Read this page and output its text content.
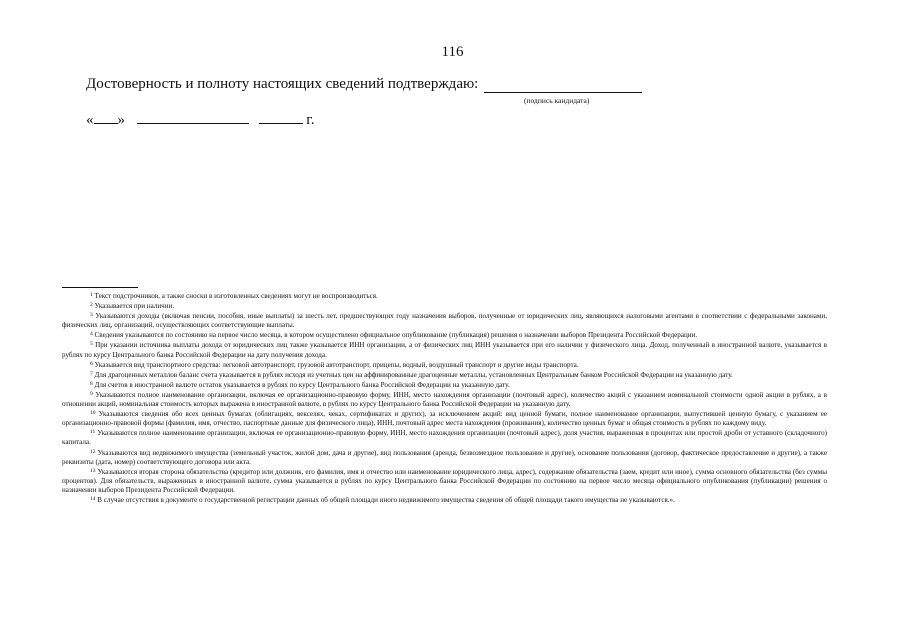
116
Достоверность и полноту настоящих сведений подтверждаю:
(подпись кандидата)
« »	г.

$^1$ Текст подстрочников, а также сноски в изготовленных сведениях могут не воспроизводиться.

$^2$ Указывается при наличии.

$^3$ Указываются доходы (включая пенсии, пособия, иные выплаты) за шесть лет, предшествующих году назначения выборов, полученные от юридических лиц, являющихся налоговыми агентами в соответствии с федеральными законами, физических лиц, организаций, осуществляющих соответствующие выплаты.

$^4$ Сведения указываются по состоянию на первое число месяца, в котором осуществлено официальное опубликование (публикация) решения о назначении выборов Президента Российской Федерации.

$^5$ При указании источника выплаты дохода от юридических лиц также указывается ИНН организации, а от физических лиц ИНН указывается при его наличии у физического лица. Доход, полученный в иностранной валюте, указывается в рублях по курсу Центрального банка Российской Федерации на дату получения дохода.

$^6$ Указывается вид транспортного средства: легковой автотранспорт, грузовой автотранспорт, прицепы, водный, воздушный транспорт и другие виды транспорта.

$^7$ Для драгоценных металлов баланс счета указывается в рублях исходя из учетных цен на аффинированные драгоценные металлы, установленных Центральным банком Российской Федерации на указанную дату.

$^8$ Для счетов в иностранной валюте остаток указывается в рублях по курсу Центрального банка Российской Федерации на указанную дату.

$^9$ Указываются полное наименование организации, включая ее организационно-правовую форму, ИНН, место нахождения организации (почтовый адрес), количество акций с указанием номинальной стоимости одной акции в рублях, а в отношении акций, номинальная стоимость которых выражена в иностранной валюте, в рублях по курсу Центрального банка Российской Федерации на указанную дату.

$^{10}$ Указываются сведения обо всех ценных бумагах (облигациях, векселях, чеках, сертификатах и других), за исключением акций: вид ценной бумаги, полное наименование организации, выпустившей ценную бумагу, с указанием ее организационно-правовой формы (фамилия, имя, отчество, паспортные данные для физического лица), ИНН, почтовый адрес места нахождения (проживания), количество ценных бумаг и общая стоимость в рублях по каждому виду.

$^{11}$ Указываются полное наименование организации, включая ее организационно-правовую форму, ИНН, место нахождения организации (почтовый адрес), доля участия, выраженная в процентах или простой дроби от уставного (складочного) капитала.

$^{12}$ Указываются вид недвижимого имущества (земельный участок, жилой дом, дача и другие), вид пользования (аренда, безвозмездное пользование и другие), основание пользования (договор, фактическое предоставление и другие), а также реквизиты (дата, номер) соответствующего договора или акта.

$^{13}$ Указываются вторая сторона обязательства (кредитор или должник, его фамилия, имя и отчество или наименование юридического лица, адрес), содержание обязательства (заем, кредит или иное), сумма основного обязательства (без суммы процентов). Для обязательств, выраженных в иностранной валюте, сумма указывается в рублях по курсу Центрального банка Российской Федерации по состоянию на первое число месяца официального опубликования (публикации) решения о назначении выборов Президента Российской Федерации.

$^{14}$ В случае отсутствия в документе о государственной регистрации данных об общей площади иного недвижимого имущества сведения об общей площади такого имущества не указываются.».
